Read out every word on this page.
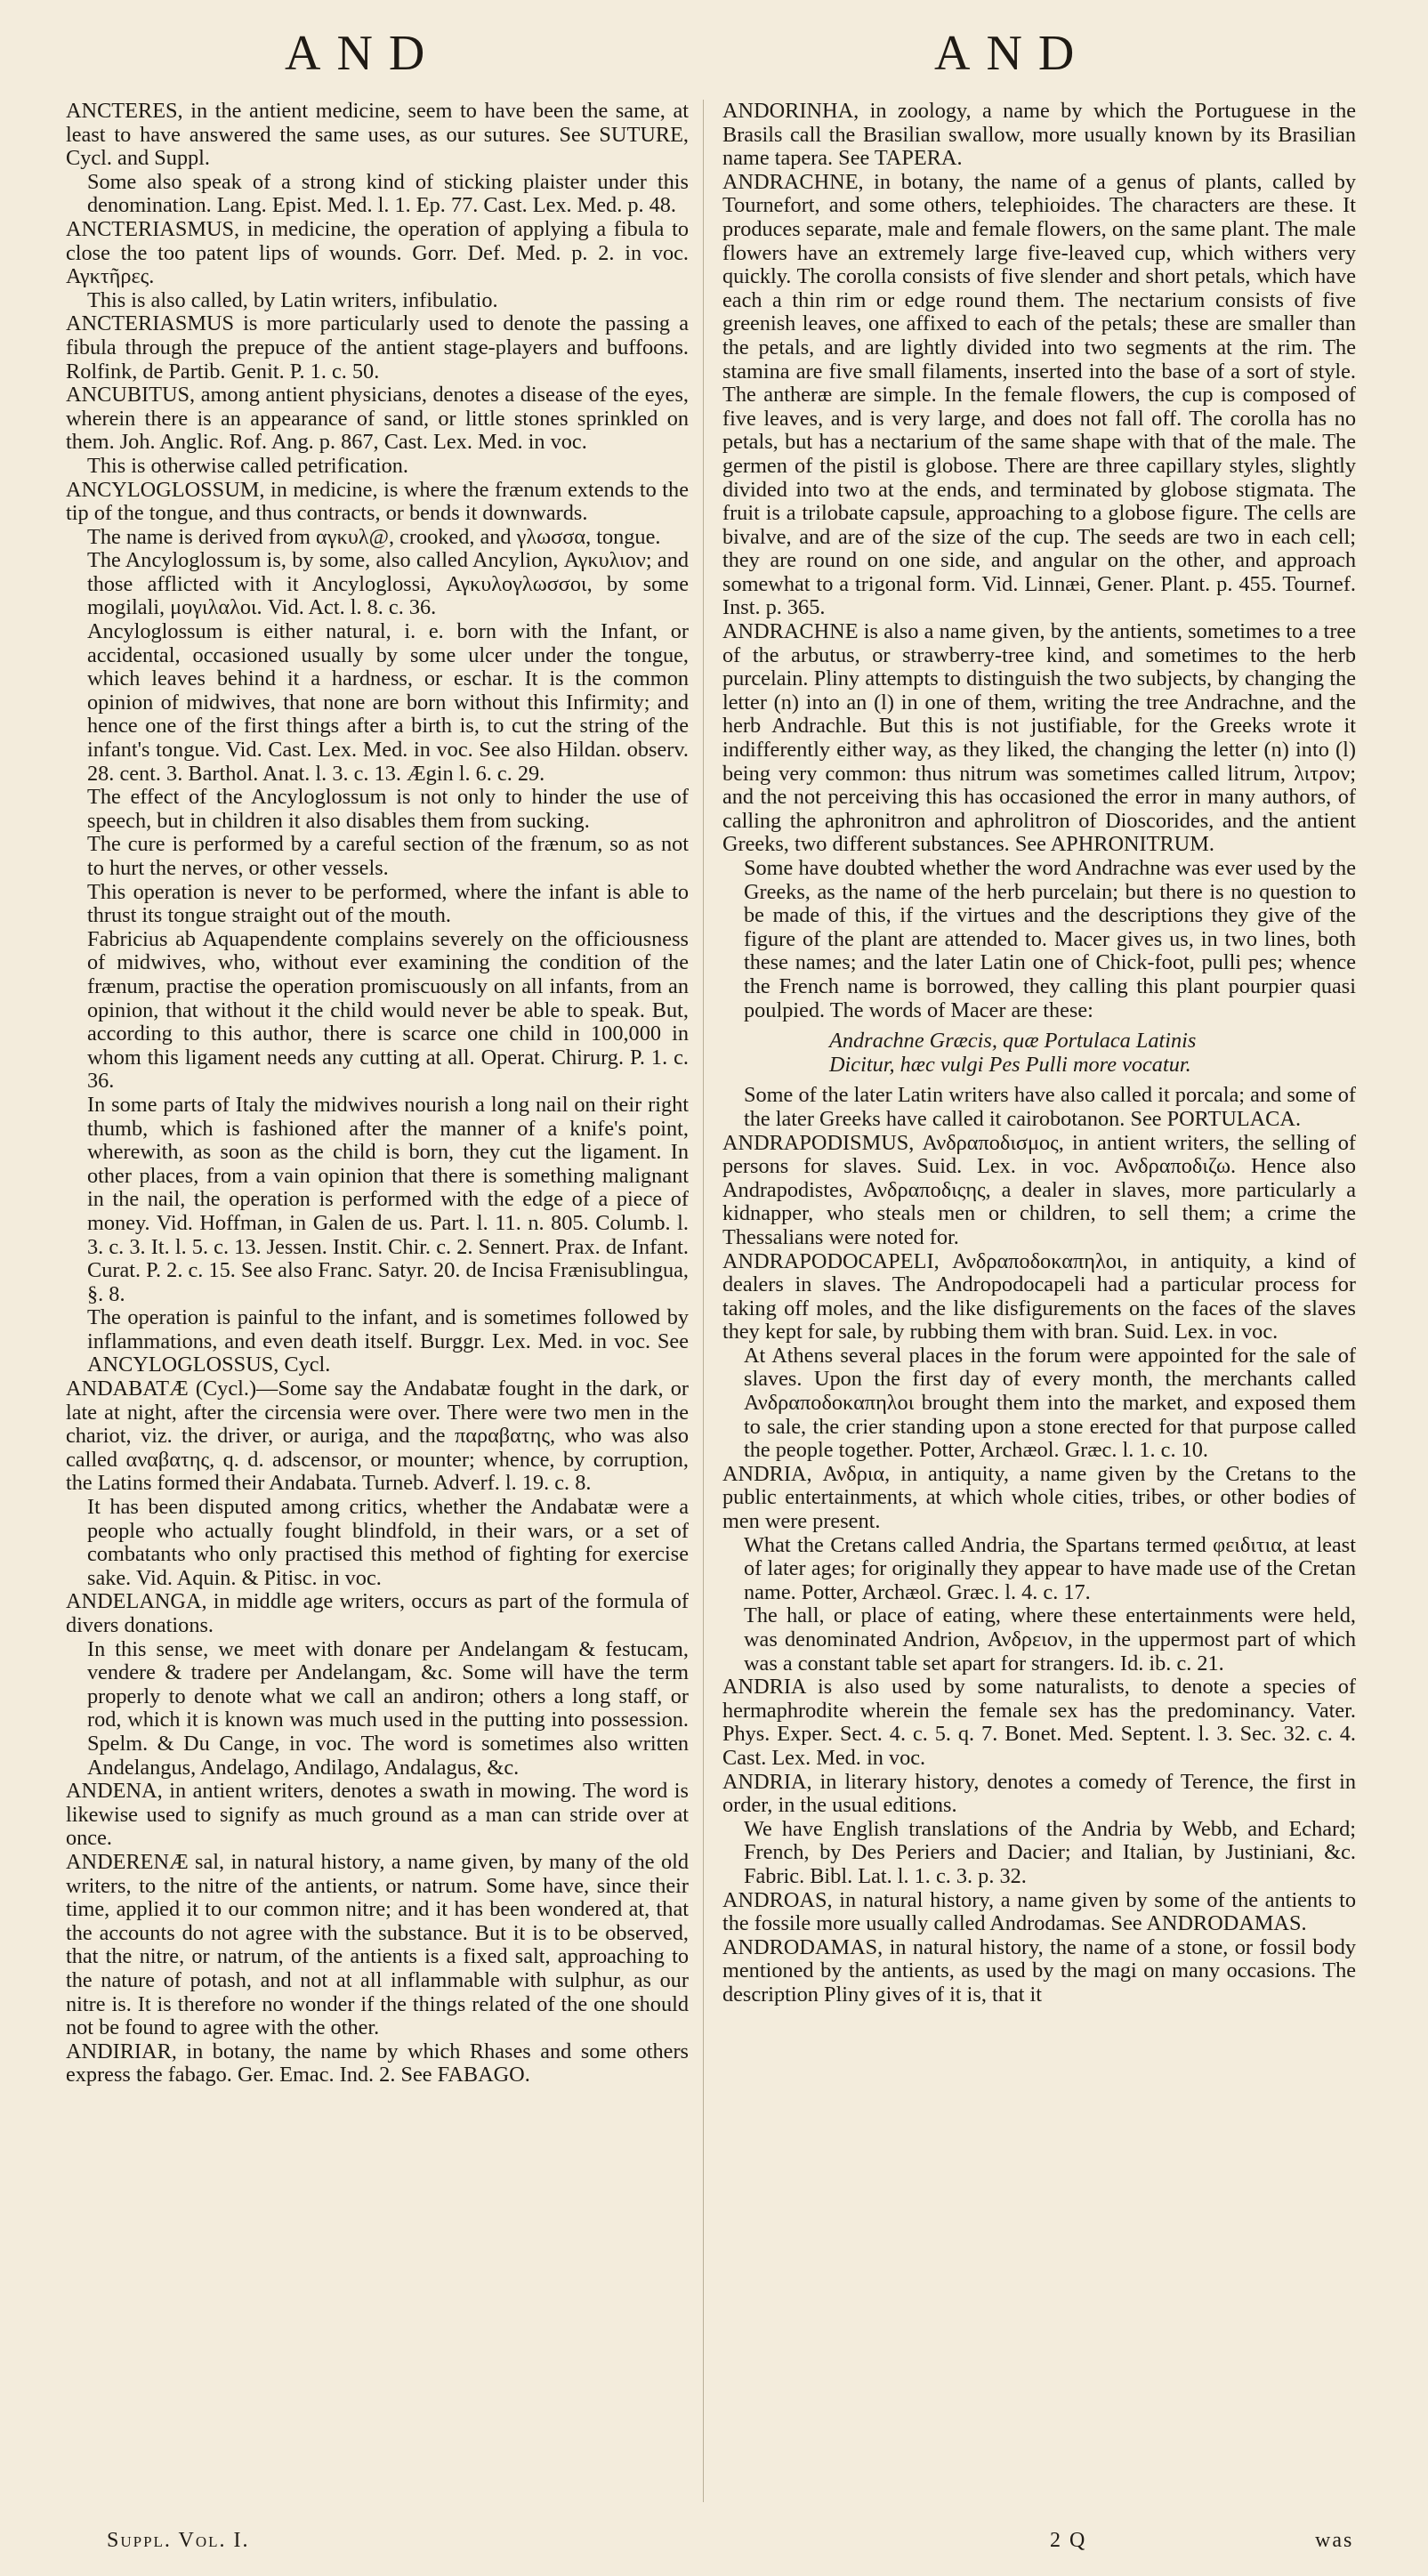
AND	AND

ANCTERES, in the antient medicine, seem to have been the same, at least to have answered the same uses, as our sutures. See SUTURE, Cycl. and Suppl.

Some also speak of a strong kind of sticking plaister under this denomination. Lang. Epist. Med. l. 1. Ep. 77. Cast. Lex. Med. p. 48.

ANCTERIASMUS, in medicine, the operation of applying a fibula to close the too patent lips of wounds. Gorr. Def. Med. p. 2. in voc. Αγκτῆρες.

This is also called, by Latin writers, infibulatio.

ANCTERIASMUS is more particularly used to denote the passing a fibula through the prepuce of the antient stage-players and buffoons. Rolfink, de Partib. Genit. P. 1. c. 50.

ANCUBITUS, among antient physicians, denotes a disease of the eyes, wherein there is an appearance of sand, or little stones sprinkled on them. Joh. Anglic. Rof. Ang. p. 867, Cast. Lex. Med. in voc.

This is otherwise called petrification.

ANCYLOGLOSSUM, in medicine, is where the frænum extends to the tip of the tongue, and thus contracts, or bends it downwards.

The name is derived from αγκυλ@, crooked, and γλωσσα, tongue.

The Ancyloglossum is, by some, also called Ancylion, Αγκυλιον; and those afflicted with it Ancyloglossi, Αγκυλογλωσσοι, by some mogilali, μογιλαλοι. Vid. Act. l. 8. c. 36.

Ancyloglossum is either natural, i. e. born with the Infant, or accidental, occasioned usually by some ulcer under the tongue, which leaves behind it a hardness, or eschar. It is the common opinion of midwives, that none are born without this Infirmity; and hence one of the first things after a birth is, to cut the string of the infant's tongue. Vid. Cast. Lex. Med. in voc. See also Hildan. observ. 28. cent. 3. Barthol. Anat. l. 3. c. 13. Ægin l. 6. c. 29.

The effect of the Ancyloglossum is not only to hinder the use of speech, but in children it also disables them from sucking.

The cure is performed by a careful section of the frænum, so as not to hurt the nerves, or other vessels.

This operation is never to be performed, where the infant is able to thrust its tongue straight out of the mouth.

Fabricius ab Aquapendente complains severely on the officiousness of midwives, who, without ever examining the condition of the frænum, practise the operation promiscuously on all infants, from an opinion, that without it the child would never be able to speak. But, according to this author, there is scarce one child in 100,000 in whom this ligament needs any cutting at all. Operat. Chirurg. P. 1. c. 36.

In some parts of Italy the midwives nourish a long nail on their right thumb, which is fashioned after the manner of a knife's point, wherewith, as soon as the child is born, they cut the ligament. In other places, from a vain opinion that there is something malignant in the nail, the operation is performed with the edge of a piece of money. Vid. Hoffman, in Galen de us. Part. l. 11. n. 805. Columb. l. 3. c. 3. It. l. 5. c. 13. Jessen. Instit. Chir. c. 2. Sennert. Prax. de Infant. Curat. P. 2. c. 15. See also Franc. Satyr. 20. de Incisa Frænisublingua, §. 8.

The operation is painful to the infant, and is sometimes followed by inflammations, and even death itself. Burggr. Lex. Med. in voc. See ANCYLOGLOSSUS, Cycl.

ANDABATÆ (Cycl.)—Some say the Andabatæ fought in the dark, or late at night, after the circensia were over. There were two men in the chariot, viz. the driver, or auriga, and the παραβατης, who was also called αναβατης, q. d. adscensor, or mounter; whence, by corruption, the Latins formed their Andabata. Turneb. Adverf. l. 19. c. 8.

It has been disputed among critics, whether the Andabatæ were a people who actually fought blindfold, in their wars, or a set of combatants who only practised this method of fighting for exercise sake. Vid. Aquin. & Pitisc. in voc.

ANDELANGA, in middle age writers, occurs as part of the formula of divers donations.

In this sense, we meet with donare per Andelangam & festucam, vendere & tradere per Andelangam, &c. Some will have the term properly to denote what we call an andiron; others a long staff, or rod, which it is known was much used in the putting into possession. Spelm. & Du Cange, in voc. The word is sometimes also written Andelangus, Andelago, Andilago, Andalagus, &c.

ANDENA, in antient writers, denotes a swath in mowing. The word is likewise used to signify as much ground as a man can stride over at once.

ANDERENÆ sal, in natural history, a name given, by many of the old writers, to the nitre of the antients, or natrum. Some have, since their time, applied it to our common nitre; and it has been wondered at, that the accounts do not agree with the substance. But it is to be observed, that the nitre, or natrum, of the antients is a fixed salt, approaching to the nature of potash, and not at all inflammable with sulphur, as our nitre is. It is therefore no wonder if the things related of the one should not be found to agree with the other.

ANDIRIAR, in botany, the name by which Rhases and some others express the fabago. Ger. Emac. Ind. 2. See FABAGO.

ANDORINHA, in zoology, a name by which the Portuguese in the Brasils call the Brasilian swallow, more usually known by its Brasilian name tapera. See TAPERA.

ANDRACHNE, in botany, the name of a genus of plants, called by Tournefort, and some others, telephioides. The characters are these. It produces separate, male and female flowers, on the same plant. The male flowers have an extremely large five-leaved cup, which withers very quickly. The corolla consists of five slender and short petals, which have each a thin rim or edge round them. The nectarium consists of five greenish leaves, one affixed to each of the petals; these are smaller than the petals, and are lightly divided into two segments at the rim. The stamina are five small filaments, inserted into the base of a sort of style. The antheræ are simple. In the female flowers, the cup is composed of five leaves, and is very large, and does not fall off. The corolla has no petals, but has a nectarium of the same shape with that of the male. The germen of the pistil is globose. There are three capillary styles, slightly divided into two at the ends, and terminated by globose stigmata. The fruit is a trilobate capsule, approaching to a globose figure. The cells are bivalve, and are of the size of the cup. The seeds are two in each cell; they are round on one side, and angular on the other, and approach somewhat to a trigonal form. Vid. Linnæi, Gener. Plant. p. 455. Tournef. Inst. p. 365.

ANDRACHNE is also a name given, by the antients, sometimes to a tree of the arbutus, or strawberry-tree kind, and sometimes to the herb purcelain. Pliny attempts to distinguish the two subjects, by changing the letter (n) into an (l) in one of them, writing the tree Andrachne, and the herb Andrachle. But this is not justifiable, for the Greeks wrote it indifferently either way, as they liked, the changing the letter (n) into (l) being very common: thus nitrum was sometimes called litrum, λιτρον; and the not perceiving this has occasioned the error in many authors, of calling the aphronitron and aphrolitron of Dioscorides, and the antient Greeks, two different substances. See APHRONITRUM.

Some have doubted whether the word Andrachne was ever used by the Greeks, as the name of the herb purcelain; but there is no question to be made of this, if the virtues and the descriptions they give of the figure of the plant are attended to. Macer gives us, in two lines, both these names; and the later Latin one of Chick-foot, pulli pes; whence the French name is borrowed, they calling this plant pourpier quasi poulpied. The words of Macer are these:

Andrachne Græcis, quæ Portulaca Latinis
Dicitur, hæc vulgi Pes Pulli more vocatur.

Some of the later Latin writers have also called it porcala; and some of the later Greeks have called it cairobotanon. See PORTULACA.

ANDRAPODISMUS, Ανδραποδισμος, in antient writers, the selling of persons for slaves. Suid. Lex. in voc. Ανδραποδιζω. Hence also Andrapodistes, Ανδραποδιςης, a dealer in slaves, more particularly a kidnapper, who steals men or children, to sell them; a crime the Thessalians were noted for.

ANDRAPODOCAPELI, Ανδραποδοκαπηλοι, in antiquity, a kind of dealers in slaves. The Andropodocapeli had a particular process for taking off moles, and the like disfigurements on the faces of the slaves they kept for sale, by rubbing them with bran. Suid. Lex. in voc.

At Athens several places in the forum were appointed for the sale of slaves. Upon the first day of every month, the merchants called Ανδραποδοκαπηλοι brought them into the market, and exposed them to sale, the crier standing upon a stone erected for that purpose called the people together. Potter, Archæol. Græc. l. 1. c. 10.

ANDRIA, Ανδρια, in antiquity, a name given by the Cretans to the public entertainments, at which whole cities, tribes, or other bodies of men were present.

What the Cretans called Andria, the Spartans termed φειδιτια, at least of later ages; for originally they appear to have made use of the Cretan name. Potter, Archæol. Græc. l. 4. c. 17.

The hall, or place of eating, where these entertainments were held, was denominated Andrion, Ανδρειον, in the uppermost part of which was a constant table set apart for strangers. Id. ib. c. 21.

ANDRIA is also used by some naturalists, to denote a species of hermaphrodite wherein the female sex has the predominancy. Vater. Phys. Exper. Sect. 4. c. 5. q. 7. Bonet. Med. Septent. l. 3. Sec. 32. c. 4. Cast. Lex. Med. in voc.

ANDRIA, in literary history, denotes a comedy of Terence, the first in order, in the usual editions.

We have English translations of the Andria by Webb, and Echard; French, by Des Periers and Dacier; and Italian, by Justiniani, &c. Fabric. Bibl. Lat. l. 1. c. 3. p. 32.

ANDROAS, in natural history, a name given by some of the antients to the fossile more usually called Androdamas. See ANDRODAMAS.

ANDRODAMAS, in natural history, the name of a stone, or fossil body mentioned by the antients, as used by the magi on many occasions. The description Pliny gives of it is, that it

Suppl. Vol. I.	2 Q	was
